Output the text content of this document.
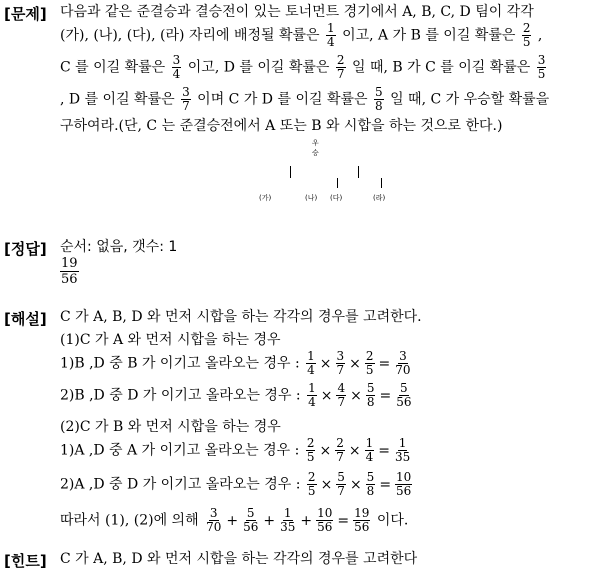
[문제]
[정답]
[해설]
[힌트]
다음과 같은 준결승과 결승전이 있는 토너먼트 경기에서 A, B, C, D 팀이 각각
(가), (나), (다), (라) 자리에 배정될 확률은 $\frac{1}{4}$ 이고, A 가 B 를 이길 확률은 $\frac{2}{5}$ ,
C 를 이길 확률은 $\frac{3}{4}$ 이고, D 를 이길 확률은 $\frac{2}{7}$ 일 때, B 가 C 를 이길 확률은 $\frac{3}{5}$
, D 를 이길 확률은 $\frac{3}{7}$ 이며 C 가 D 를 이길 확률은 $\frac{5}{8}$ 일 때, C 가 우승할 확률을
구하여라.(단, C 는 준결승전에서 A 또는 B 와 시합을 하는 것으로 한다.)
우승
(가)	(나) (다)	(라)
순서: 없음, 갯수: 1
$\frac{19}{56}$
C 가 A, B, D 와 먼저 시합을 하는 각각의 경우를 고려한다.
(1)C 가 A 와 먼저 시합을 하는 경우
1)B ,D 중 B 가 이기고 올라오는 경우 : $\frac{1}{4} \times \frac{3}{7} \times \frac{2}{5} = \frac{3}{70}$
2)B ,D 중 D 가 이기고 올라오는 경우 : $\frac{1}{4} \times \frac{4}{7} \times \frac{5}{8} = \frac{5}{56}$
(2)C 가 B 와 먼저 시합을 하는 경우
1)A ,D 중 A 가 이기고 올라오는 경우 : $\frac{2}{5} \times \frac{2}{7} \times \frac{1}{4} = \frac{1}{35}$
2)A ,D 중 D 가 이기고 올라오는 경우 : $\frac{2}{5} \times \frac{5}{7} \times \frac{5}{8} = \frac{10}{56}$
따라서 (1), (2)에 의해 $\frac{3}{70} + \frac{5}{56} + \frac{1}{35} + \frac{10}{56} = \frac{19}{56}$ 이다.
C 가 A, B, D 와 먼저 시합을 하는 각각의 경우를 고려한다
